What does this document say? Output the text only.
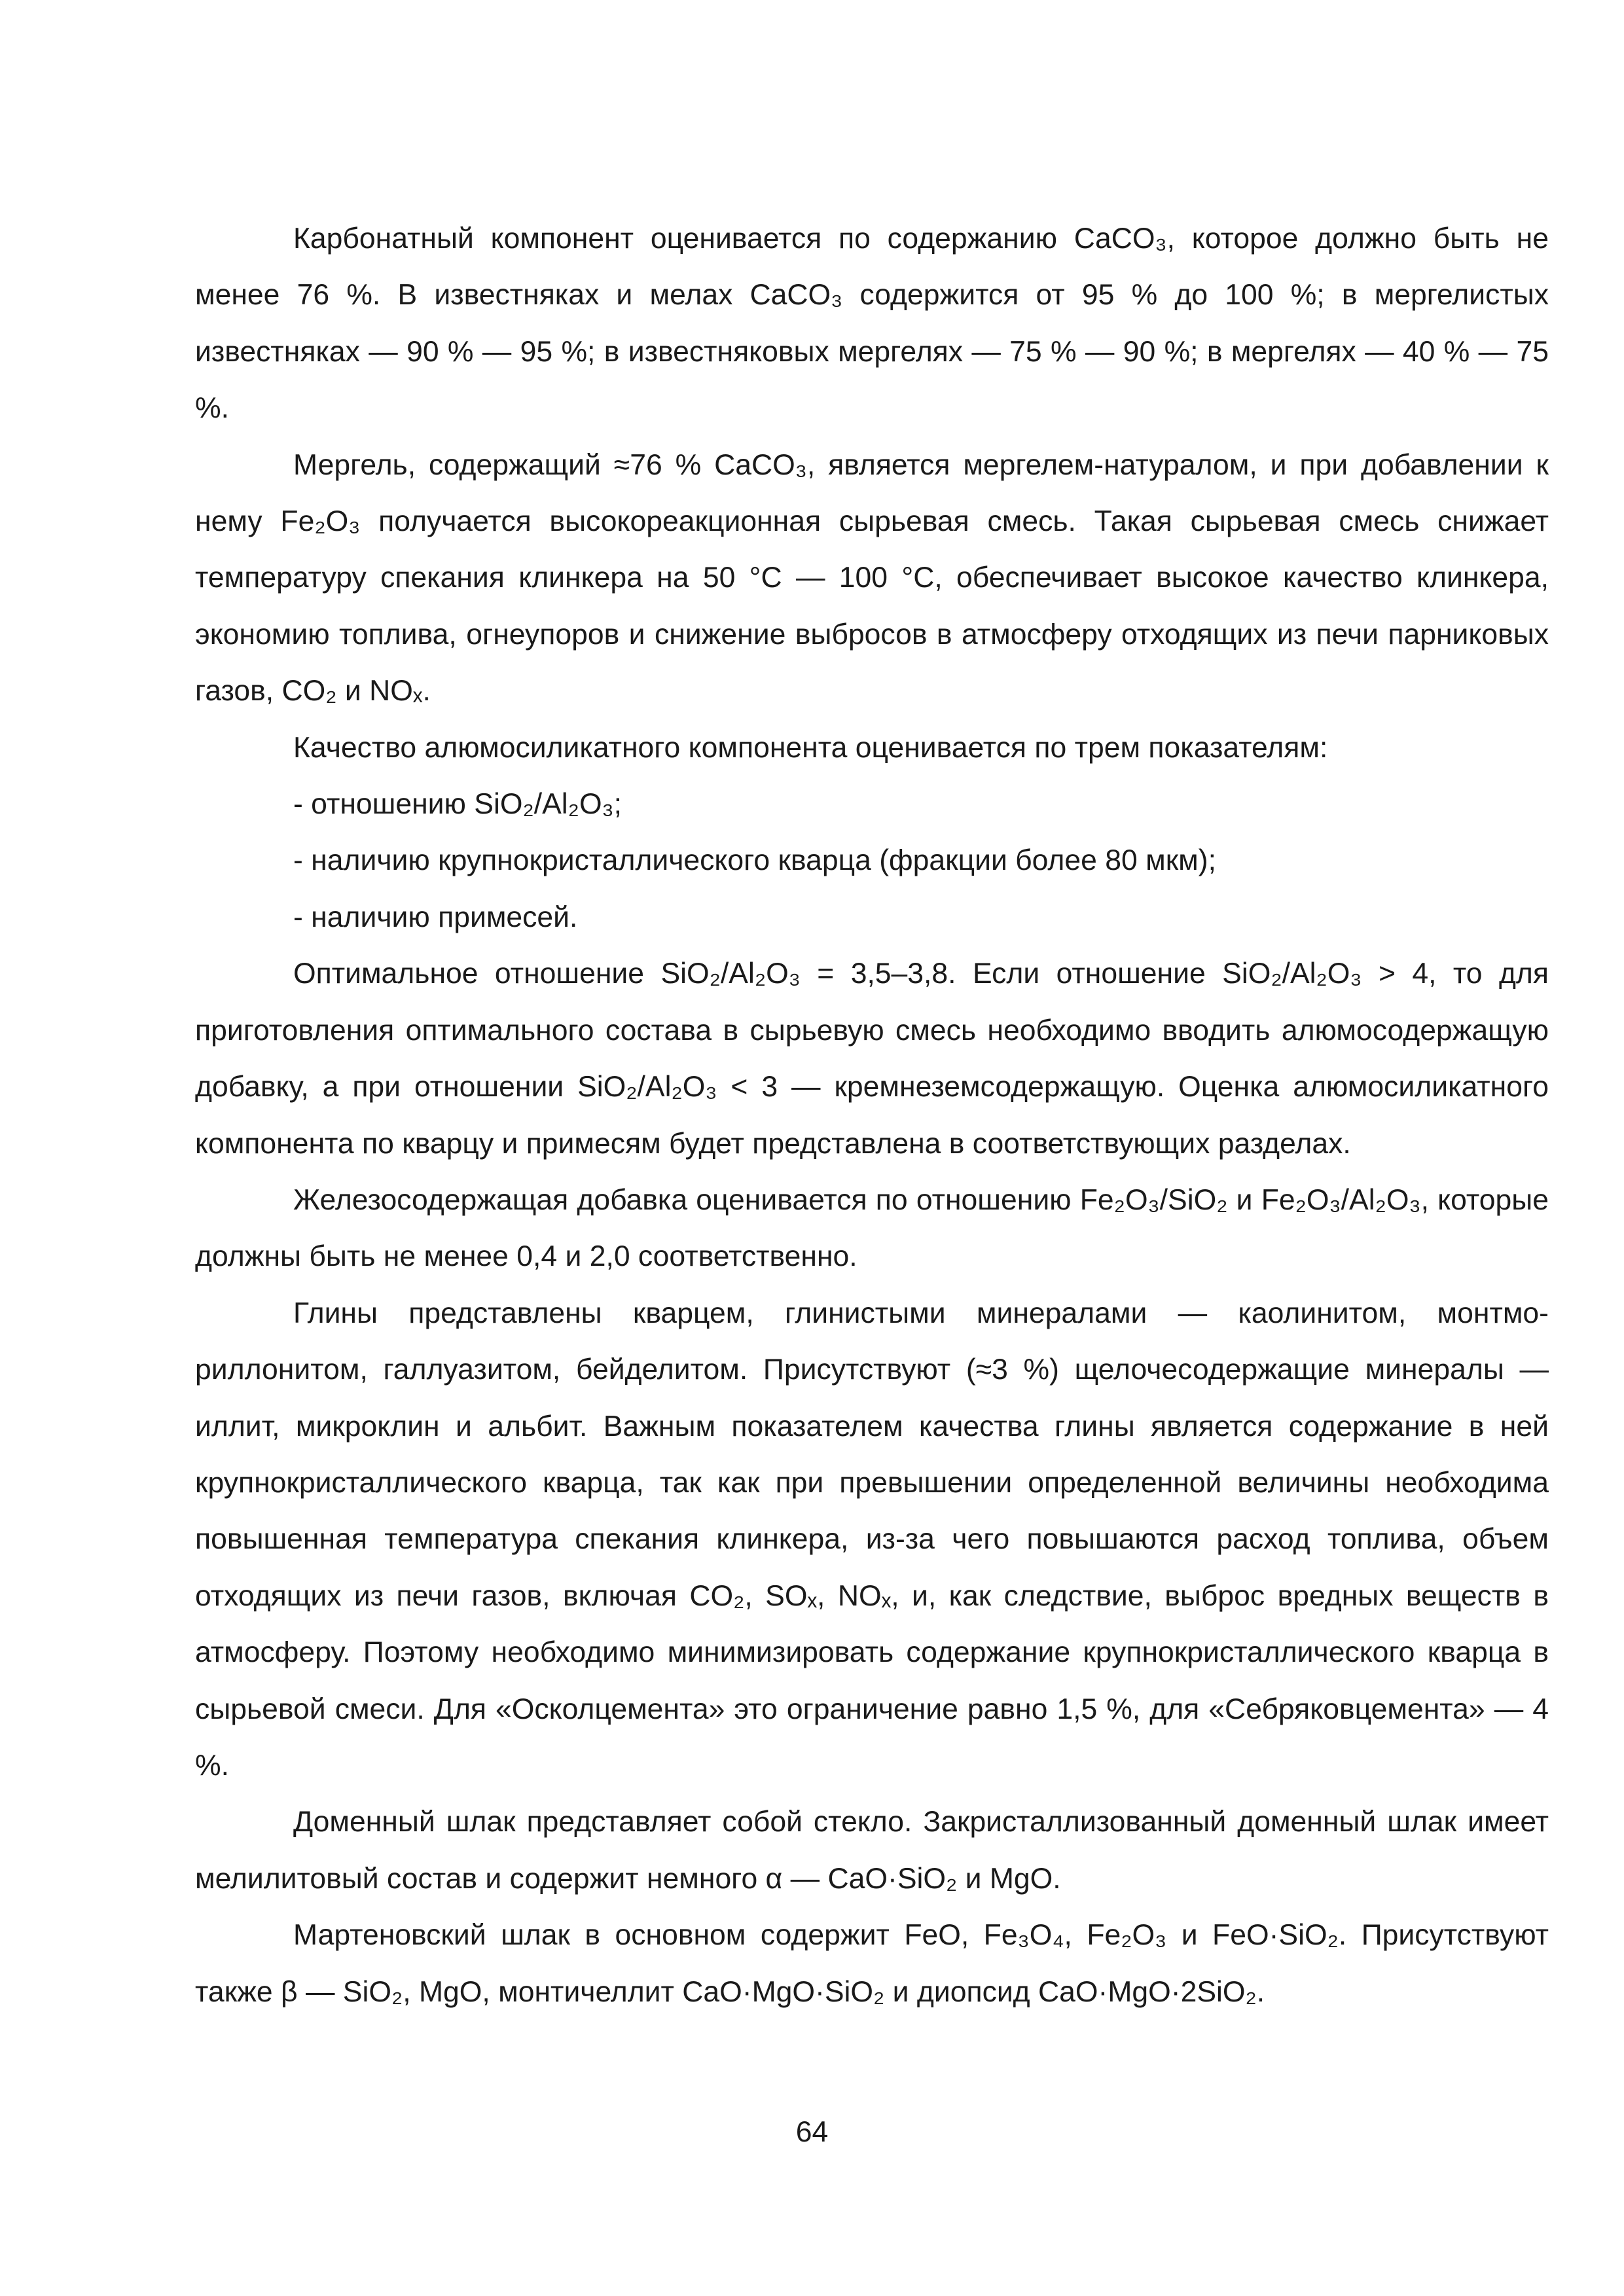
Карбонатный компонент оценивается по содержанию CaCO₃, которое должно быть не менее 76 %. В известняках и мелах CaCO₃ содержится от 95 % до 100 %; в мергелистых известняках — 90 % — 95 %; в известняковых мергелях — 75 % — 90 %; в мергелях — 40 % — 75 %.

Мергель, содержащий ≈76 % CaCO₃, является мергелем-натуралом, и при добавлении к нему Fe₂O₃ получается высокореакционная сырьевая смесь. Такая сырьевая смесь снижает температуру спекания клинкера на 50 °C — 100 °C, обеспечивает высокое качество клинкера, экономию топлива, огнеупоров и снижение выбросов в атмосферу отходящих из печи парниковых газов, CO₂ и NOₓ.

Качество алюмосиликатного компонента оценивается по трем показателям:

- отношению SiO₂/Al₂O₃;

- наличию крупнокристаллического кварца (фракции более 80 мкм);

- наличию примесей.

Оптимальное отношение SiO₂/Al₂O₃ = 3,5–3,8. Если отношение SiO₂/Al₂O₃ > 4, то для приготовления оптимального состава в сырьевую смесь необходимо вводить алюмосодержащую добавку, а при отношении SiO₂/Al₂O₃ < 3 — кремнеземсодержащую. Оценка алюмосиликатного компонента по кварцу и примесям будет представлена в соответствующих разделах.

Железосодержащая добавка оценивается по отношению Fe₂O₃/SiO₂ и Fe₂O₃/Al₂O₃, которые должны быть не менее 0,4 и 2,0 соответственно.

Глины представлены кварцем, глинистыми минералами — каолинитом, монтмориллонитом, галлуазитом, бейделитом. Присутствуют (≈3 %) щелочесодержащие минералы — иллит, микроклин и альбит. Важным показателем качества глины является содержание в ней крупнокристаллического кварца, так как при превышении определенной величины необходима повышенная температура спекания клинкера, из-за чего повышаются расход топлива, объем отходящих из печи газов, включая CO₂, SOₓ, NOₓ, и, как следствие, выброс вредных веществ в атмосферу. Поэтому необходимо минимизировать содержание крупнокристаллического кварца в сырьевой смеси. Для «Осколцемента» это ограничение равно 1,5 %, для «Себряковцемента» — 4 %.

Доменный шлак представляет собой стекло. Закристаллизованный доменный шлак имеет мелилитовый состав и содержит немного α — CaO·SiO₂ и MgO.

Мартеновский шлак в основном содержит FeO, Fe₃O₄, Fe₂O₃ и FeO·SiO₂. Присутствуют также β — SiO₂, MgO, монтичеллит CaO·MgO·SiO₂ и диопсид CaO·MgO·2SiO₂.

64
